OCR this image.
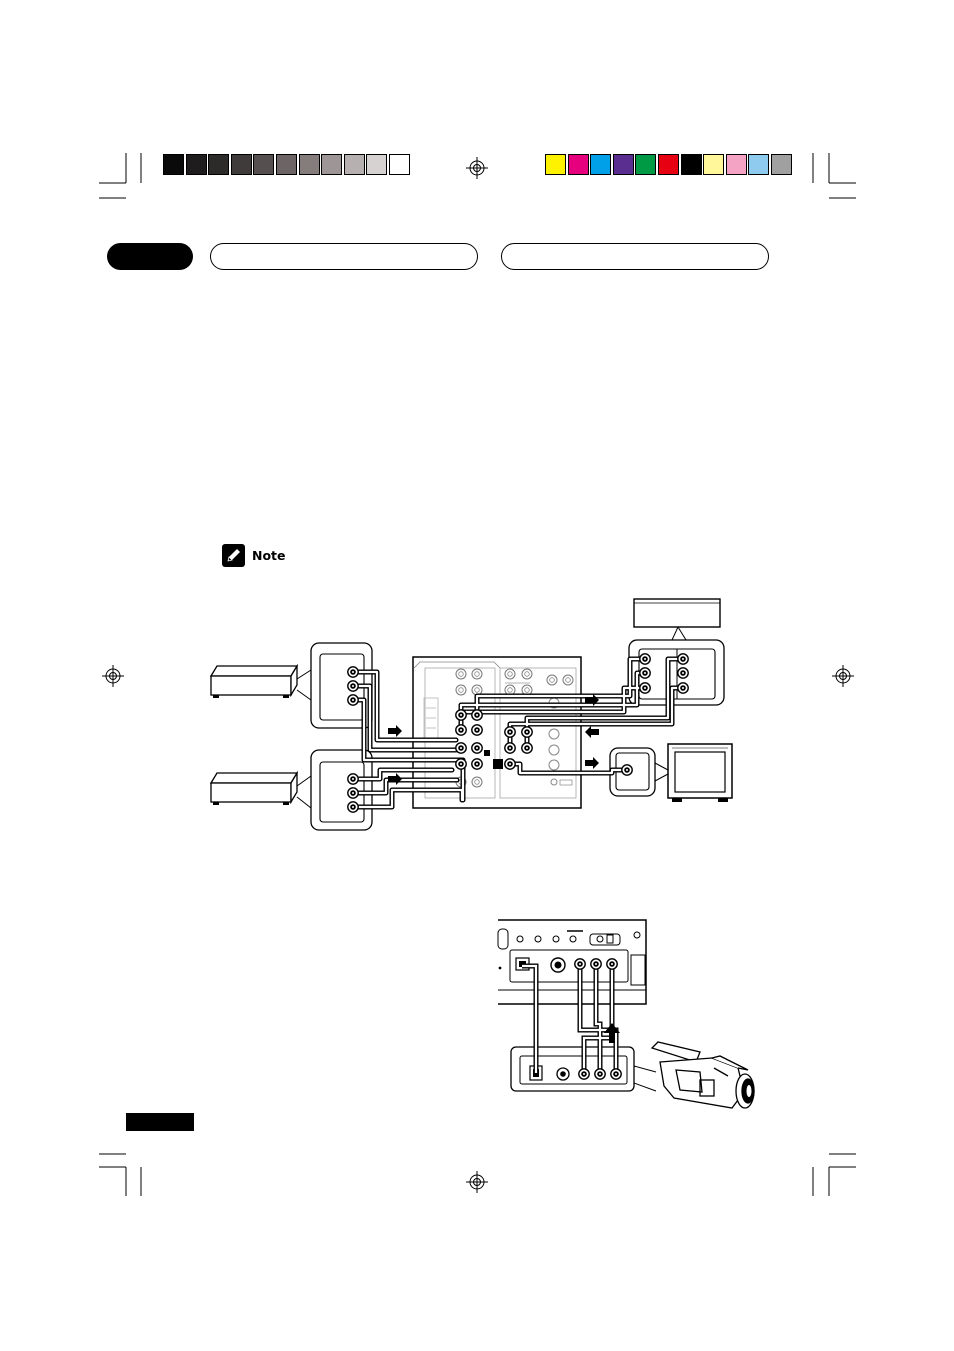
Note
